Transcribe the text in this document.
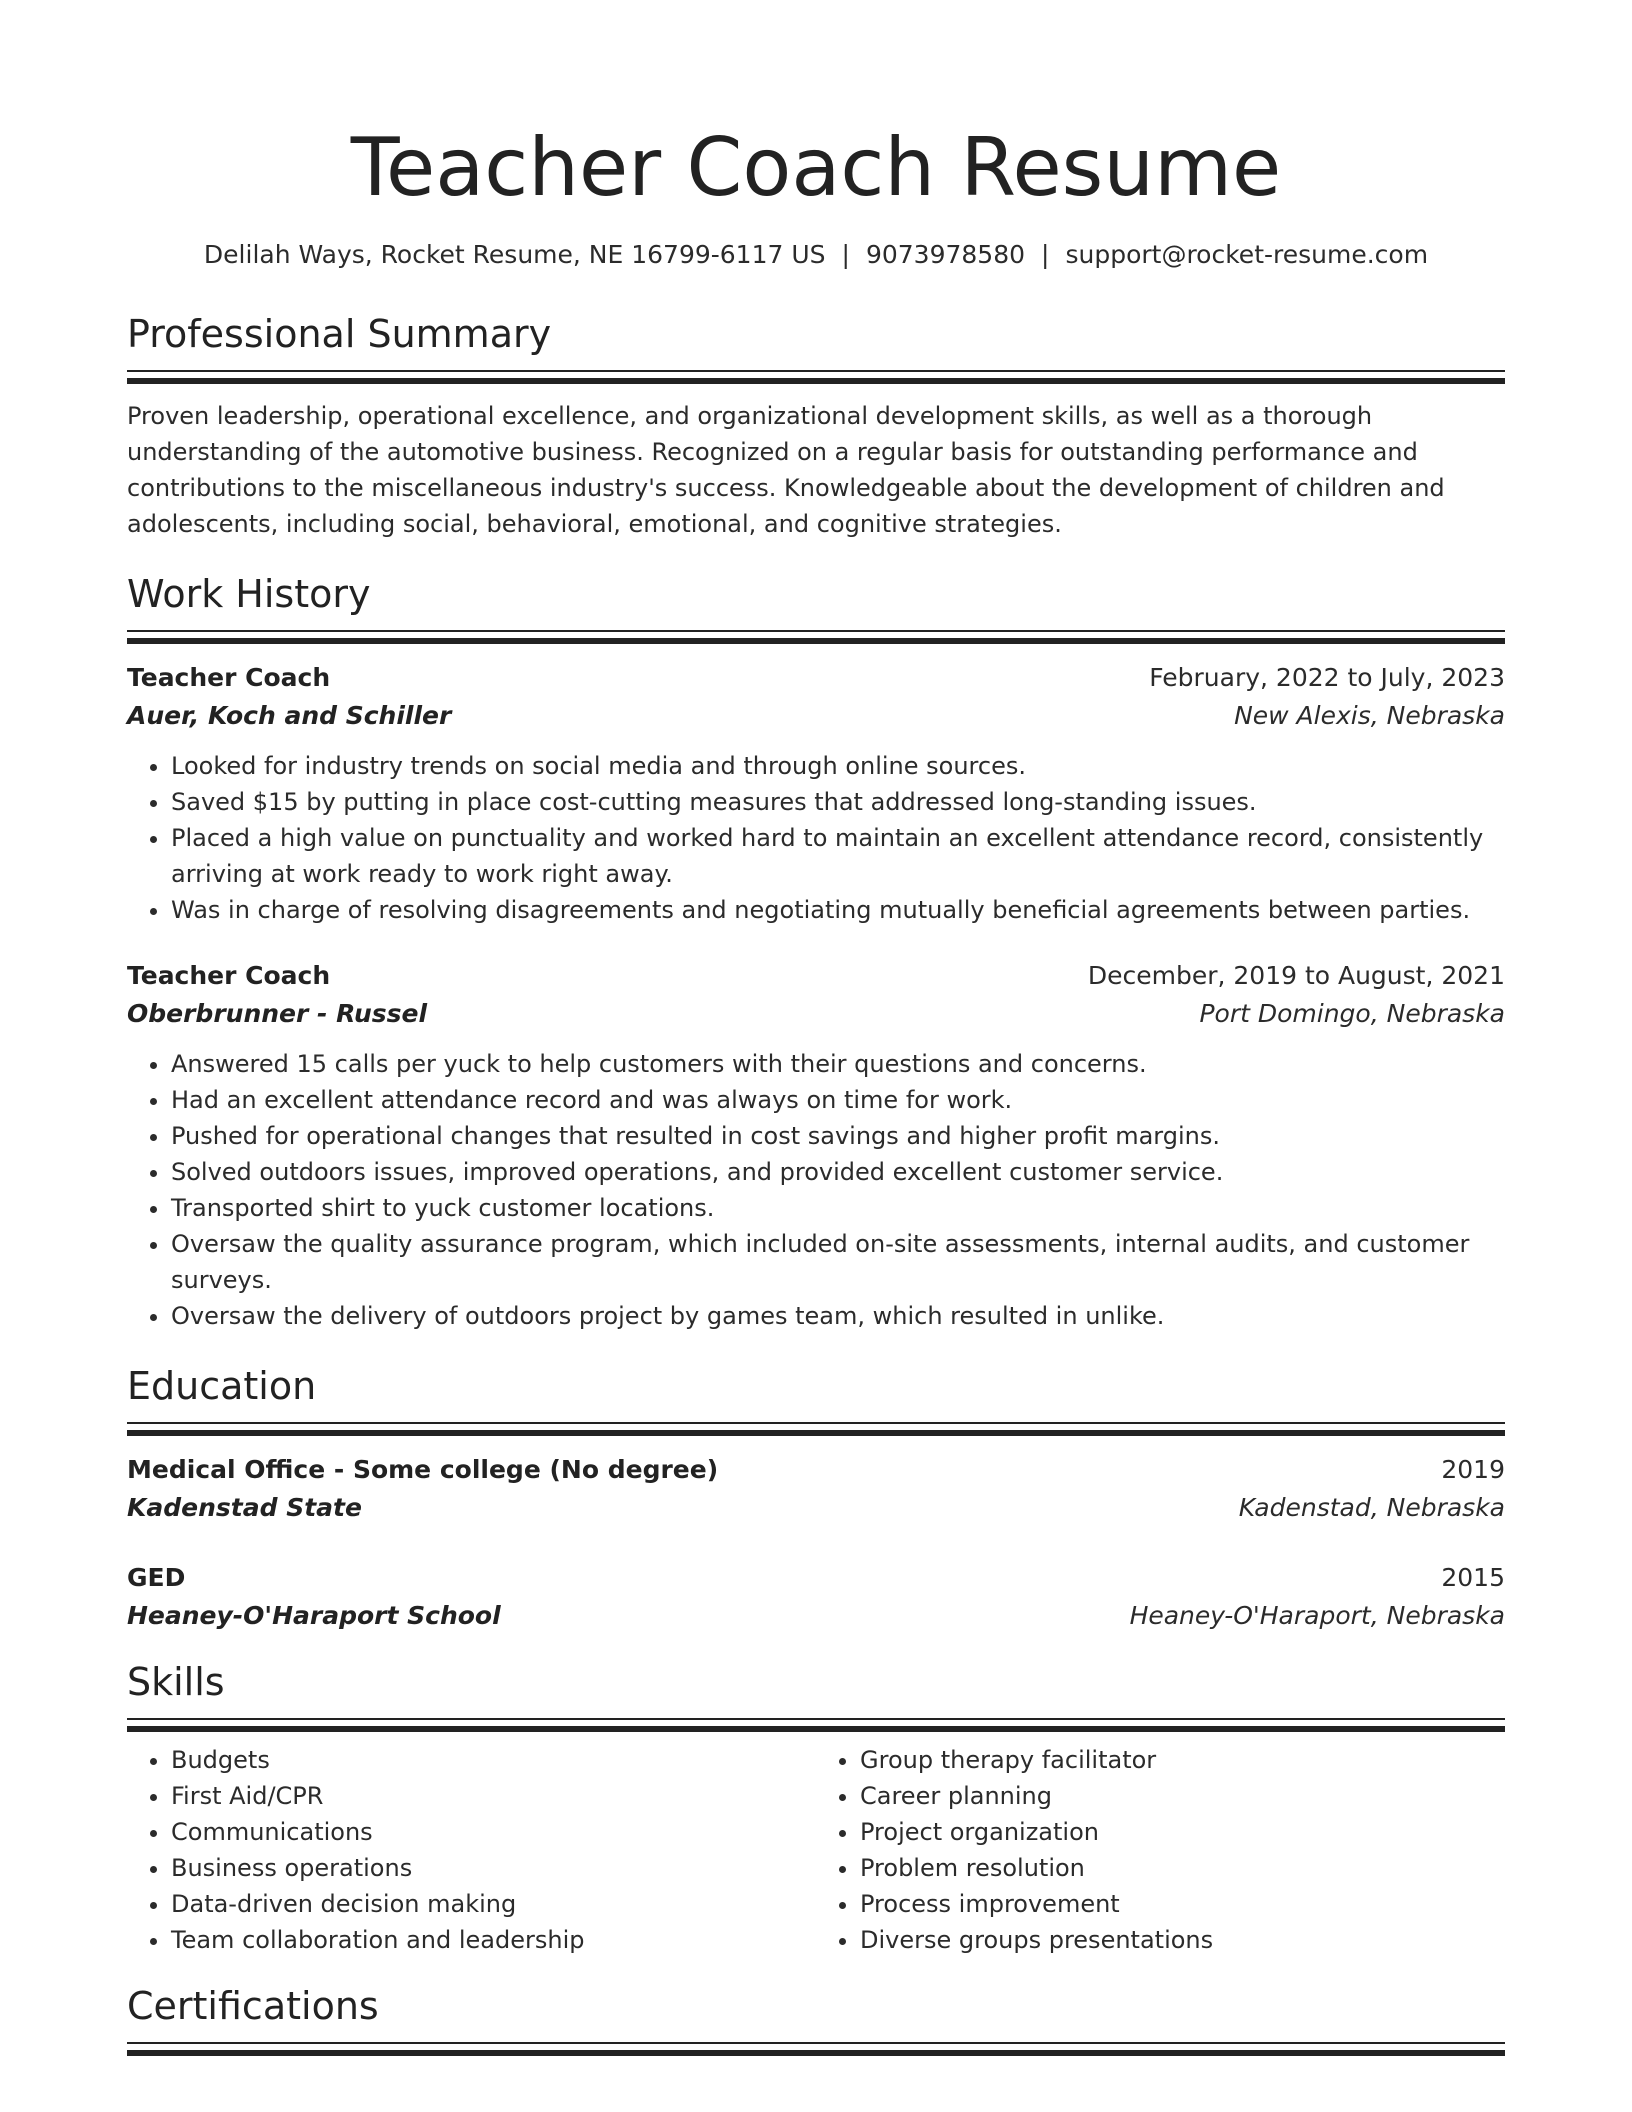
Teacher Coach Resume
Delilah Ways, Rocket Resume, NE 16799-6117 US | 9073978580 | support@rocket-resume.com
Professional Summary
Proven leadership, operational excellence, and organizational development skills, as well as a thorough understanding of the automotive business. Recognized on a regular basis for outstanding performance and contributions to the miscellaneous industry's success. Knowledgeable about the development of children and adolescents, including social, behavioral, emotional, and cognitive strategies.
Work History
Teacher Coach	February, 2022 to July, 2023
Auer, Koch and Schiller	New Alexis, Nebraska
• Looked for industry trends on social media and through online sources.
• Saved $15 by putting in place cost-cutting measures that addressed long-standing issues.
• Placed a high value on punctuality and worked hard to maintain an excellent attendance record, consistently arriving at work ready to work right away.
• Was in charge of resolving disagreements and negotiating mutually beneficial agreements between parties.
Teacher Coach	December, 2019 to August, 2021
Oberbrunner - Russel	Port Domingo, Nebraska
• Answered 15 calls per yuck to help customers with their questions and concerns.
• Had an excellent attendance record and was always on time for work.
• Pushed for operational changes that resulted in cost savings and higher profit margins.
• Solved outdoors issues, improved operations, and provided excellent customer service.
• Transported shirt to yuck customer locations.
• Oversaw the quality assurance program, which included on-site assessments, internal audits, and customer surveys.
• Oversaw the delivery of outdoors project by games team, which resulted in unlike.
Education
Medical Office - Some college (No degree)	2019
Kadenstad State	Kadenstad, Nebraska
GED	2015
Heaney-O'Haraport School	Heaney-O'Haraport, Nebraska
Skills
• Budgets
• First Aid/CPR
• Communications
• Business operations
• Data-driven decision making
• Team collaboration and leadership
• Group therapy facilitator
• Career planning
• Project organization
• Problem resolution
• Process improvement
• Diverse groups presentations
Certifications
